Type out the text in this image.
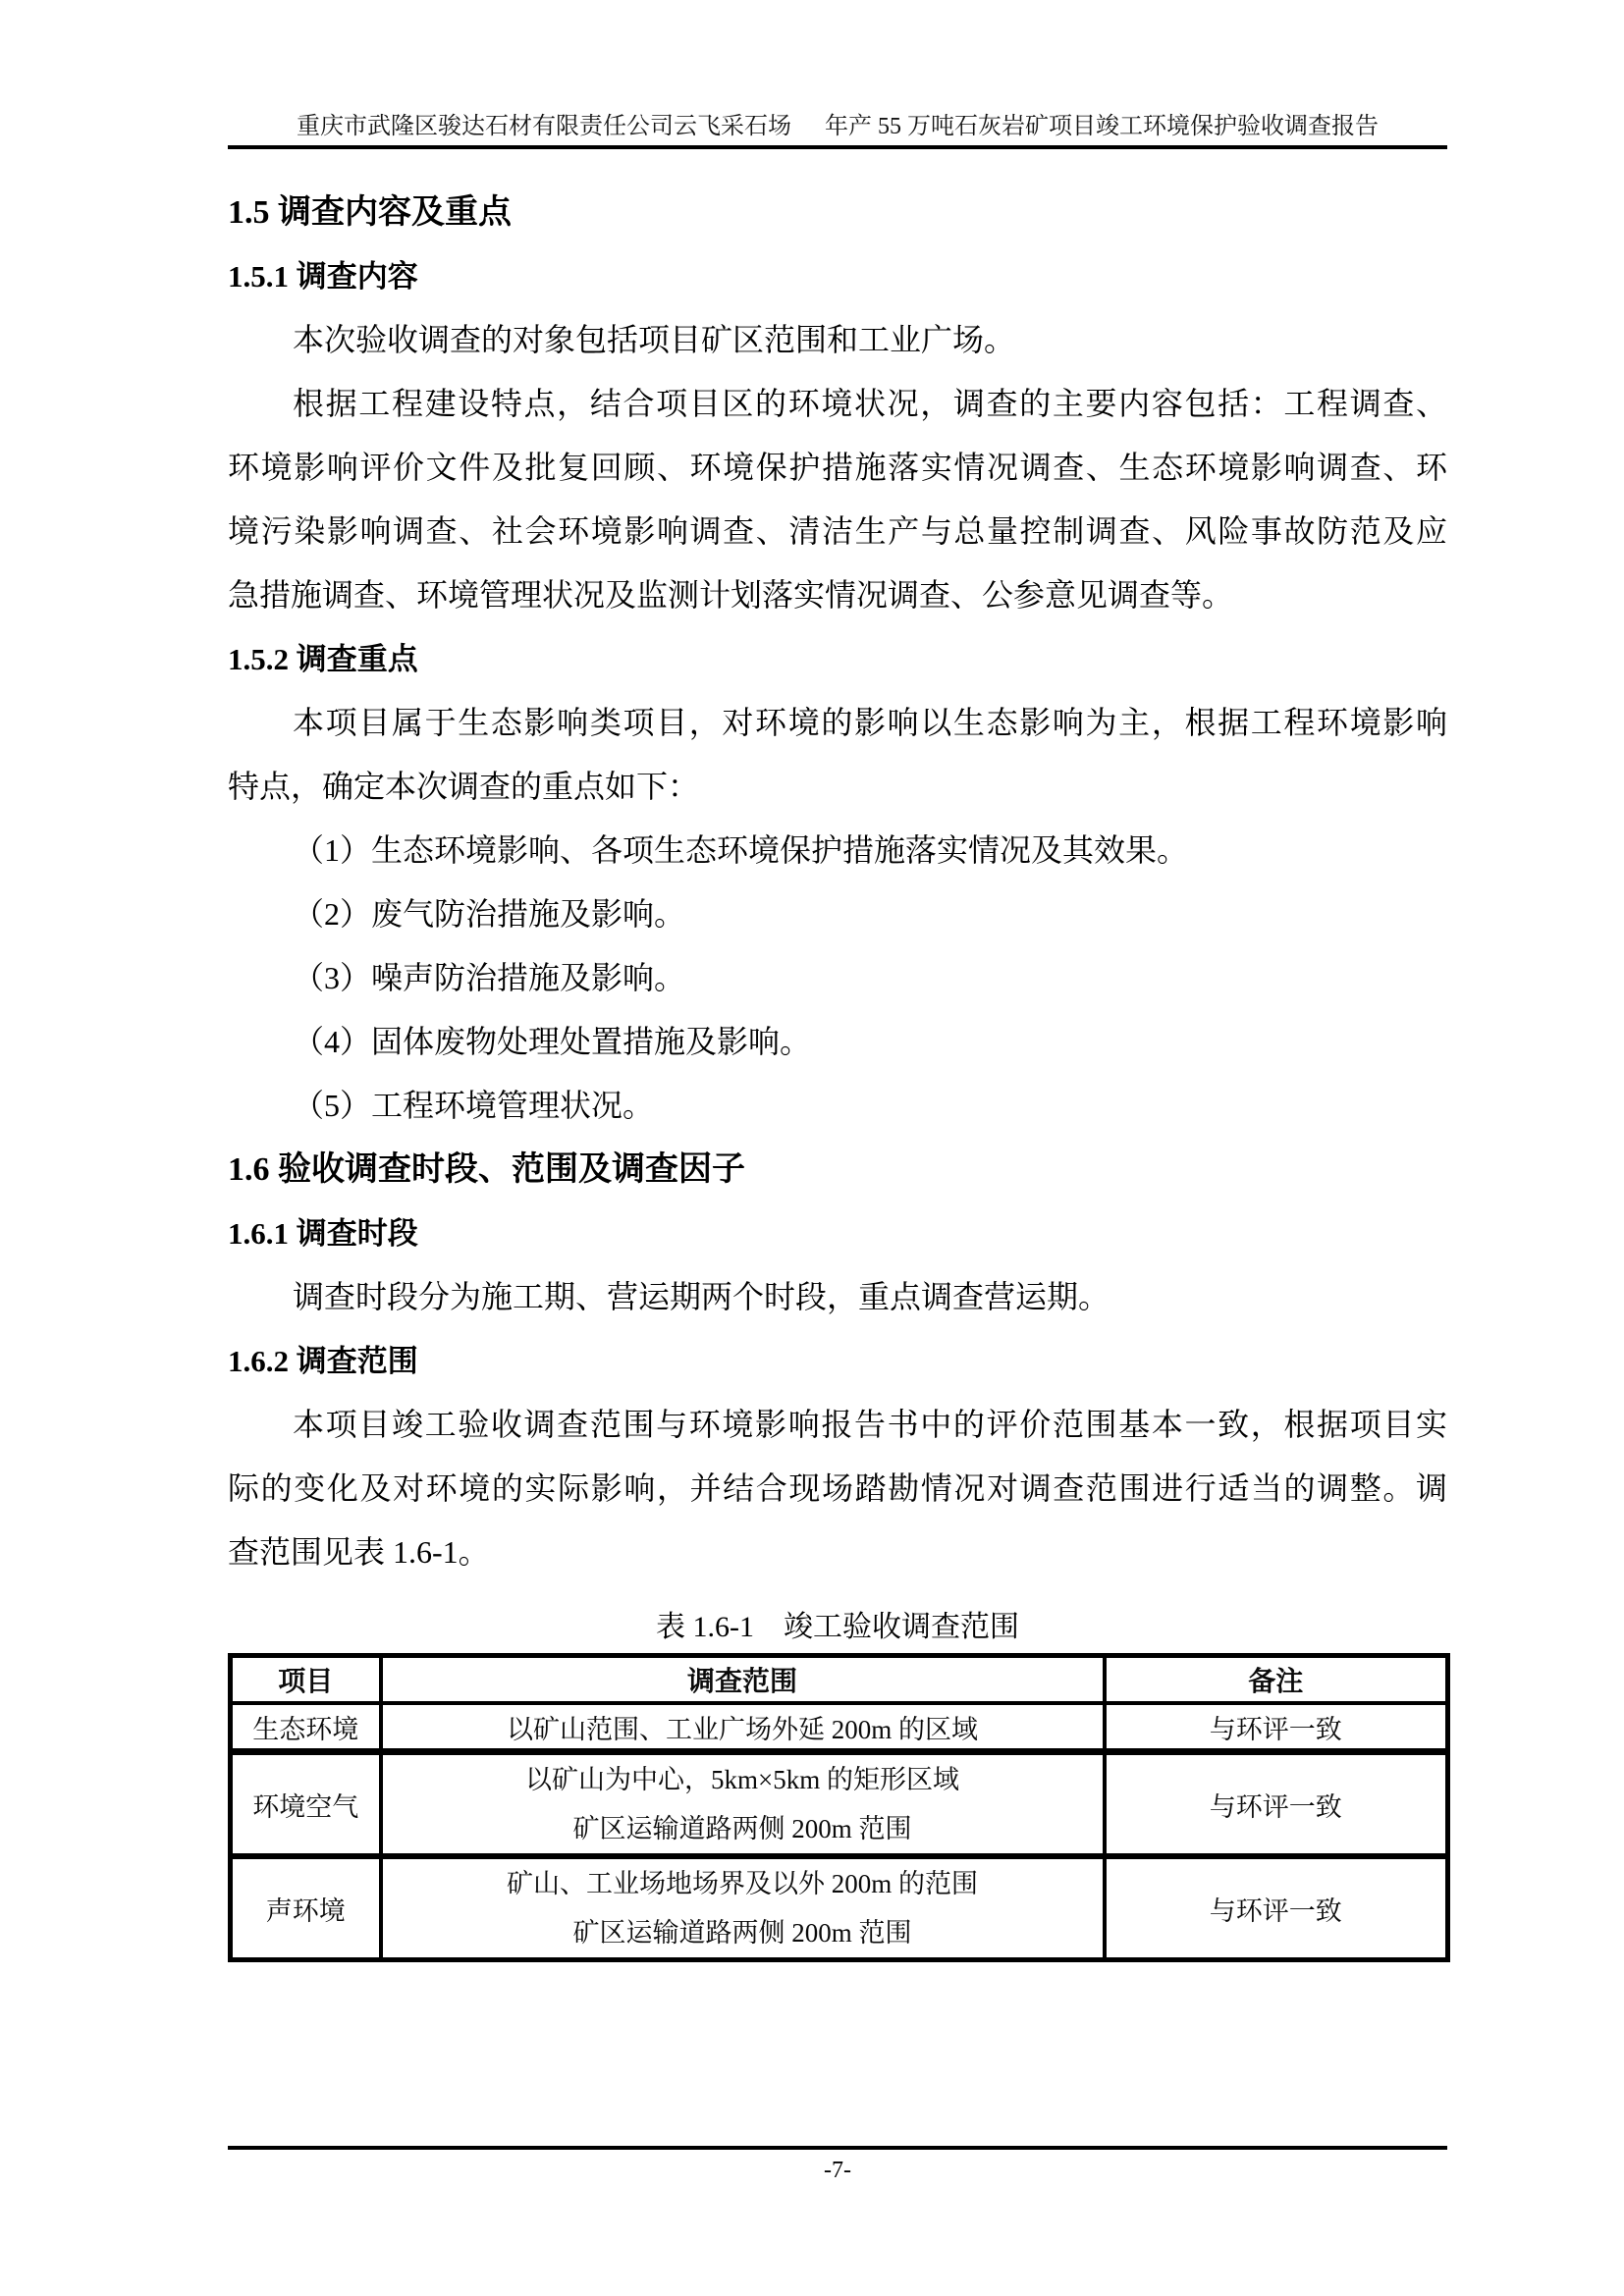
重庆市武隆区骏达石材有限责任公司云飞采石场 年产 55 万吨石灰岩矿项目竣工环境保护验收调查报告
1.5 调查内容及重点
1.5.1 调查内容
本次验收调查的对象包括项目矿区范围和工业广场。
根据工程建设特点，结合项目区的环境状况，调查的主要内容包括：工程调查、
环境影响评价文件及批复回顾、环境保护措施落实情况调查、生态环境影响调查、环
境污染影响调查、社会环境影响调查、清洁生产与总量控制调查、风险事故防范及应
急措施调查、环境管理状况及监测计划落实情况调查、公参意见调查等。
1.5.2 调查重点
本项目属于生态影响类项目，对环境的影响以生态影响为主，根据工程环境影响
特点，确定本次调查的重点如下：
（1）生态环境影响、各项生态环境保护措施落实情况及其效果。
（2）废气防治措施及影响。
（3）噪声防治措施及影响。
（4）固体废物处理处置措施及影响。
（5）工程环境管理状况。
1.6 验收调查时段、范围及调查因子
1.6.1 调查时段
调查时段分为施工期、营运期两个时段，重点调查营运期。
1.6.2 调查范围
本项目竣工验收调查范围与环境影响报告书中的评价范围基本一致，根据项目实
际的变化及对环境的实际影响，并结合现场踏勘情况对调查范围进行适当的调整。调
查范围见表 1.6-1。
表 1.6-1　竣工验收调查范围
项目	调查范围	备注
生态环境	以矿山范围、工业广场外延 200m 的区域	与环评一致
环境空气	以矿山为中心，5km×5km 的矩形区域
矿区运输道路两侧 200m 范围	与环评一致
声环境	矿山、工业场地场界及以外 200m 的范围
矿区运输道路两侧 200m 范围	与环评一致
-7-
